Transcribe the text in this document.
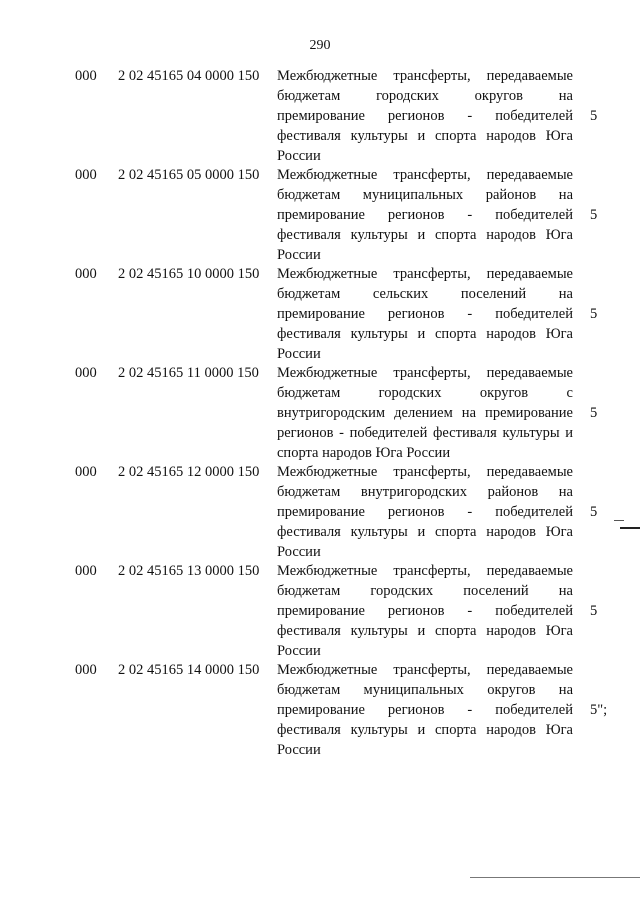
290
000 2 02 45165 04 0000 150 Межбюджетные трансферты, передаваемые
бюджетам городских округов на
премирование регионов - победителей
фестиваля культуры и спорта народов Юга
России
5
000 2 02 45165 05 0000 150 Межбюджетные трансферты, передаваемые
бюджетам муниципальных районов на
премирование регионов - победителей
фестиваля культуры и спорта народов Юга
России
5
000 2 02 45165 10 0000 150 Межбюджетные трансферты, передаваемые
бюджетам сельских поселений на
премирование регионов - победителей
фестиваля культуры и спорта народов Юга
России
5
000 2 02 45165 11 0000 150 Межбюджетные трансферты, передаваемые
бюджетам городских округов с
внутригородским делением на премирование
регионов - победителей фестиваля культуры и
спорта народов Юга России
5
000 2 02 45165 12 0000 150 Межбюджетные трансферты, передаваемые
бюджетам внутригородских районов на
премирование регионов - победителей
фестиваля культуры и спорта народов Юга
России
5
000 2 02 45165 13 0000 150 Межбюджетные трансферты, передаваемые
бюджетам городских поселений на
премирование регионов - победителей
фестиваля культуры и спорта народов Юга
России
5
000 2 02 45165 14 0000 150 Межбюджетные трансферты, передаваемые
бюджетам муниципальных округов на
премирование регионов - победителей
фестиваля культуры и спорта народов Юга
России
5";
